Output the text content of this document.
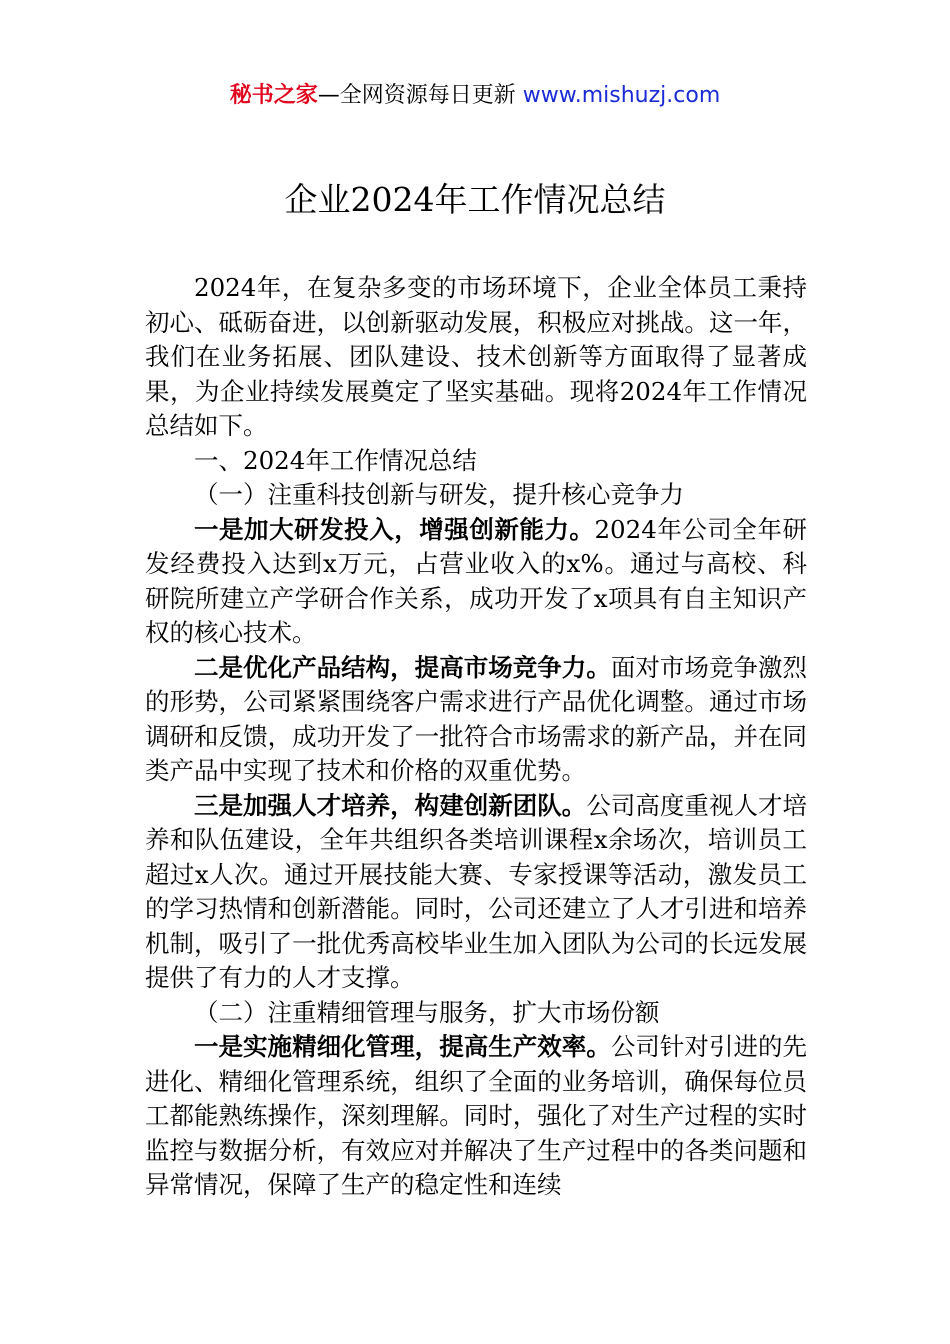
秘书之家—全网资源每日更新 www.mishuzj.com
企业2024年工作情况总结

2024年，在复杂多变的市场环境下，企业全体员工秉持初心、砥砺奋进，以创新驱动发展，积极应对挑战。这一年，我们在业务拓展、团队建设、技术创新等方面取得了显著成果，为企业持续发展奠定了坚实基础。现将2024年工作情况总结如下。

一、2024年工作情况总结

（一）注重科技创新与研发，提升核心竞争力

一是加大研发投入，增强创新能力。2024年公司全年研发经费投入达到x万元，占营业收入的x%。通过与高校、科研院所建立产学研合作关系，成功开发了x项具有自主知识产权的核心技术。

二是优化产品结构，提高市场竞争力。面对市场竞争激烈的形势，公司紧紧围绕客户需求进行产品优化调整。通过市场调研和反馈，成功开发了一批符合市场需求的新产品，并在同类产品中实现了技术和价格的双重优势。

三是加强人才培养，构建创新团队。公司高度重视人才培养和队伍建设，全年共组织各类培训课程x余场次，培训员工超过x人次。通过开展技能大赛、专家授课等活动，激发员工的学习热情和创新潜能。同时，公司还建立了人才引进和培养机制，吸引了一批优秀高校毕业生加入团队为公司的长远发展提供了有力的人才支撑。

（二）注重精细管理与服务，扩大市场份额

一是实施精细化管理，提高生产效率。公司针对引进的先进化、精细化管理系统，组织了全面的业务培训，确保每位员工都能熟练操作，深刻理解。同时，强化了对生产过程的实时监控与数据分析，有效应对并解决了生产过程中的各类问题和异常情况，保障了生产的稳定性和连续
